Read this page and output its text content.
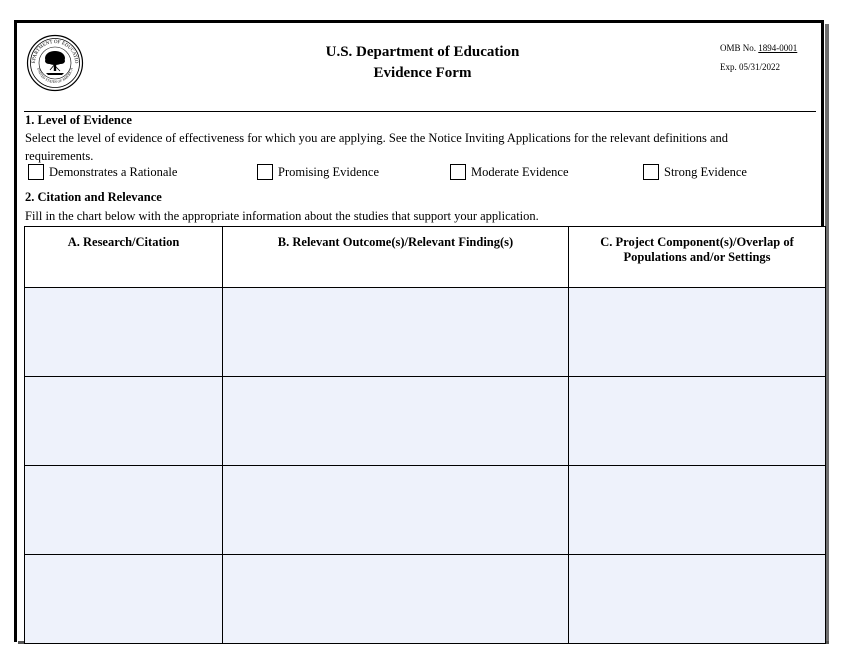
EPARTMENT OF EDUCATIO
UNITED STATES OF AMERICA
U.S. Department of Education
Evidence Form
OMB No. 1894-0001
Exp. 05/31/2022
1. Level of Evidence
Select the level of evidence of effectiveness for which you are applying. See the Notice Inviting Applications for the relevant definitions and
requirements.
Demonstrates a Rationale	Promising Evidence	Moderate Evidence	Strong Evidence
2. Citation and Relevance
Fill in the chart below with the appropriate information about the studies that support your application.
A. Research/Citation	B. Relevant Outcome(s)/Relevant Finding(s)	C. Project Component(s)/Overlap of Populations and/or Settings
